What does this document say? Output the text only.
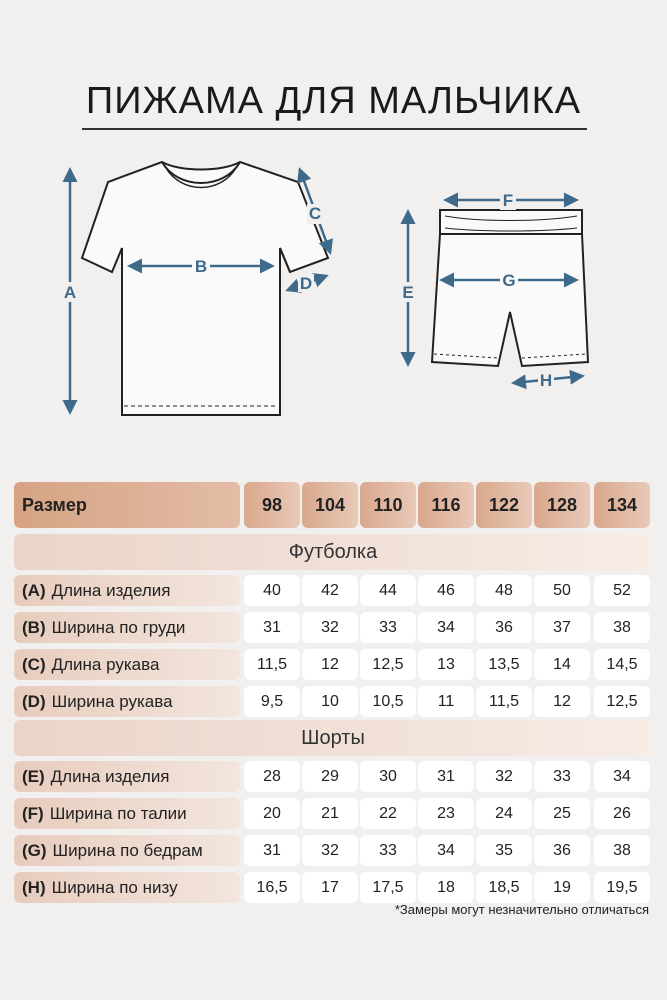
ПИЖАМА ДЛЯ МАЛЬЧИКА
A
B
C
D	E
F
G
H
Размер	98	104	110	116	122	128	134
Футболка
(A) Длина изделия	40	42	44	46	48	50	52
(B) Ширина по груди	31	32	33	34	36	37	38
(C) Длина рукава	11,5	12	12,5	13	13,5	14	14,5
(D) Ширина рукава	9,5	10	10,5	11	11,5	12	12,5
Шорты
(E) Длина изделия	28	29	30	31	32	33	34
(F) Ширина по талии	20	21	22	23	24	25	26
(G) Ширина по бедрам	31	32	33	34	35	36	38
(H) Ширина по низу	16,5	17	17,5	18	18,5	19	19,5
*Замеры могут незначительно отличаться
